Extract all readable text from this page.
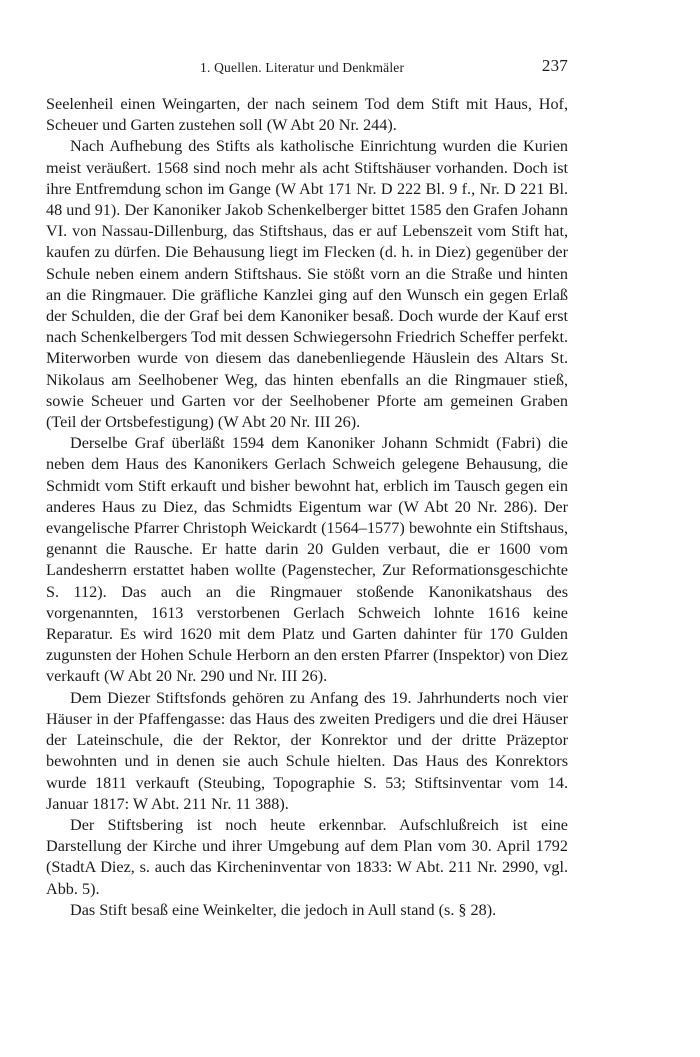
1. Quellen. Literatur und Denkmäler	237

Seelenheil einen Weingarten, der nach seinem Tod dem Stift mit Haus, Hof, Scheuer und Garten zustehen soll (W Abt 20 Nr. 244).

Nach Aufhebung des Stifts als katholische Einrichtung wurden die Kurien meist veräußert. 1568 sind noch mehr als acht Stiftshäuser vorhanden. Doch ist ihre Entfremdung schon im Gange (W Abt 171 Nr. D 222 Bl. 9 f., Nr. D 221 Bl. 48 und 91). Der Kanoniker Jakob Schenkelberger bittet 1585 den Grafen Johann VI. von Nassau-Dillenburg, das Stiftshaus, das er auf Lebenszeit vom Stift hat, kaufen zu dürfen. Die Behausung liegt im Flecken (d. h. in Diez) gegenüber der Schule neben einem andern Stiftshaus. Sie stößt vorn an die Straße und hinten an die Ringmauer. Die gräfliche Kanzlei ging auf den Wunsch ein gegen Erlaß der Schulden, die der Graf bei dem Kanoniker besaß. Doch wurde der Kauf erst nach Schenkelbergers Tod mit dessen Schwiegersohn Friedrich Scheffer perfekt. Miterworben wurde von diesem das danebenliegende Häuslein des Altars St. Nikolaus am Seelhobener Weg, das hinten ebenfalls an die Ringmauer stieß, sowie Scheuer und Garten vor der Seelhobener Pforte am gemeinen Graben (Teil der Ortsbefestigung) (W Abt 20 Nr. III 26).

Derselbe Graf überläßt 1594 dem Kanoniker Johann Schmidt (Fabri) die neben dem Haus des Kanonikers Gerlach Schweich gelegene Behausung, die Schmidt vom Stift erkauft und bisher bewohnt hat, erblich im Tausch gegen ein anderes Haus zu Diez, das Schmidts Eigentum war (W Abt 20 Nr. 286). Der evangelische Pfarrer Christoph Weickardt (1564–1577) bewohnte ein Stiftshaus, genannt die Rausche. Er hatte darin 20 Gulden verbaut, die er 1600 vom Landesherrn erstattet haben wollte (Pagenstecher, Zur Reformationsgeschichte S. 112). Das auch an die Ringmauer stoßende Kanonikatshaus des vorgenannten, 1613 verstorbenen Gerlach Schweich lohnte 1616 keine Reparatur. Es wird 1620 mit dem Platz und Garten dahinter für 170 Gulden zugunsten der Hohen Schule Herborn an den ersten Pfarrer (Inspektor) von Diez verkauft (W Abt 20 Nr. 290 und Nr. III 26).

Dem Diezer Stiftsfonds gehören zu Anfang des 19. Jahrhunderts noch vier Häuser in der Pfaffengasse: das Haus des zweiten Predigers und die drei Häuser der Lateinschule, die der Rektor, der Konrektor und der dritte Präzeptor bewohnten und in denen sie auch Schule hielten. Das Haus des Konrektors wurde 1811 verkauft (Steubing, Topographie S. 53; Stiftsinventar vom 14. Januar 1817: W Abt. 211 Nr. 11 388).

Der Stiftsbering ist noch heute erkennbar. Aufschlußreich ist eine Darstellung der Kirche und ihrer Umgebung auf dem Plan vom 30. April 1792 (StadtA Diez, s. auch das Kircheninventar von 1833: W Abt. 211 Nr. 2990, vgl. Abb. 5).

Das Stift besaß eine Weinkelter, die jedoch in Aull stand (s. § 28).
